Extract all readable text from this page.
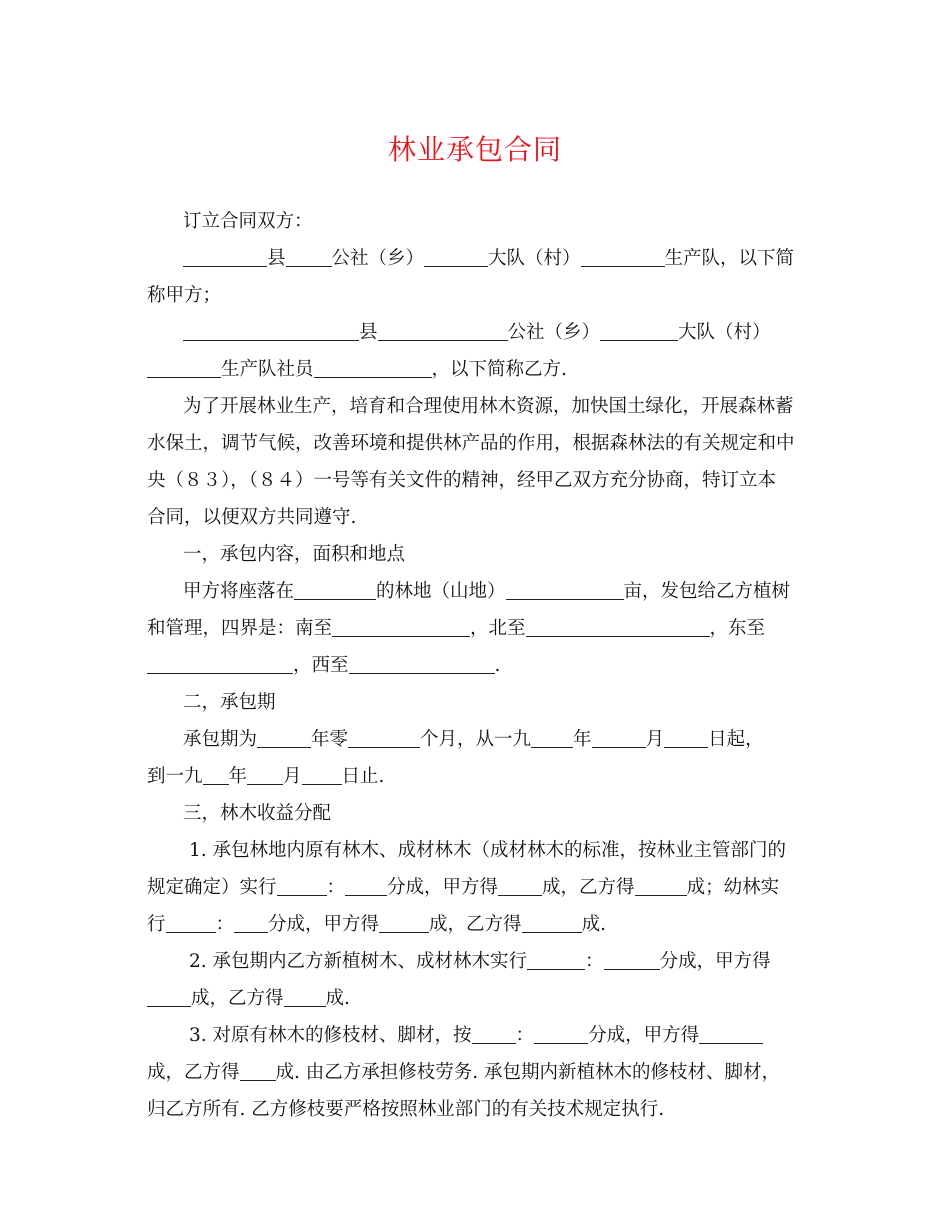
林业承包合同
订立合同双方：
县 公社（乡）	大队（村）	生产队，以下简
称甲方；
县	公社（乡）	大队（村）
生产队社员	，以下简称乙方.
为了开展林业生产，培育和合理使用林木资源，加快国土绿化，开展森林蓄
水保土，调节气候，改善环境和提供林产品的作用，根据森林法的有关规定和中
央（８３），（８４）一号等有关文件的精神，经甲乙双方充分协商，特订立本
合同，以便双方共同遵守.
一，承包内容，面积和地点
甲方将座落在	的林地（山地）	亩，发包给乙方植树
和管理，四界是：南至	，北至	，东至
，西至	.
二，承包期
承包期为	年零	个月，从一九 年	月 日起，
到一九 年 月 日止.
三，林木收益分配
1. 承包林地内原有林木、成材林木（成材林木的标准，按林业主管部门的
规定确定）实行	： 分成，甲方得 成，乙方得	成；幼林实
行	： 分成，甲方得	成，乙方得	成.
2. 承包期内乙方新植树木、成材林木实行	：	分成，甲方得
成，乙方得 成.
3. 对原有林木的修枝材、脚材，按 ：	分成，甲方得
成，乙方得 成. 由乙方承担修枝劳务. 承包期内新植林木的修枝材、脚材，
归乙方所有. 乙方修枝要严格按照林业部门的有关技术规定执行.
